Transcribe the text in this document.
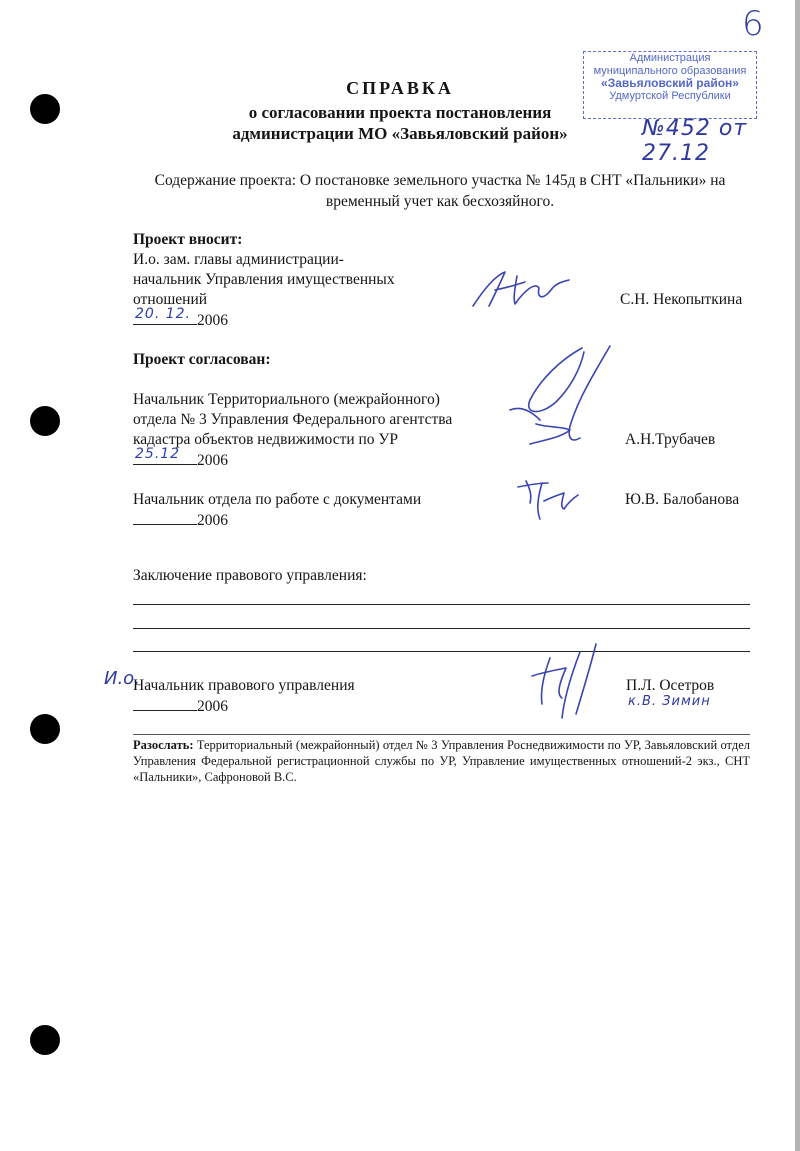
6
Администрация
муниципального образования
«Завьяловский район»
Удмуртской Республики
№452 от 27.12
СПРАВКА
о согласовании проекта постановления
администрации МО «Завьяловский район»
Содержание проекта: О постановке земельного участка № 145д в СНТ «Пальники» на
временный учет как бесхозяйного.
Проект вносит:
И.о. зам. главы администрации-
начальник Управления имущественных
отношений
20. 12. 2006
С.Н. Некопыткина
Проект согласован:
Начальник Территориального (межрайонного)
отдела № 3 Управления Федерального агентства
кадастра объектов недвижимости по УР
25.12 2006
А.Н.Трубачев
Начальник отдела по работе с документами
2006
Ю.В. Балобанова
Заключение правового управления:
И.о.
Начальник правового управления
2006
П.Л. Осетров
к.В. Зимин
Разослать: Территориальный (межрайонный) отдел № 3 Управления Роснедвижимости по УР, Завьяловский отдел Управления Федеральной регистрационной службы по УР, Управление имущественных отношений-2 экз., СНТ «Пальники», Сафроновой В.С.
